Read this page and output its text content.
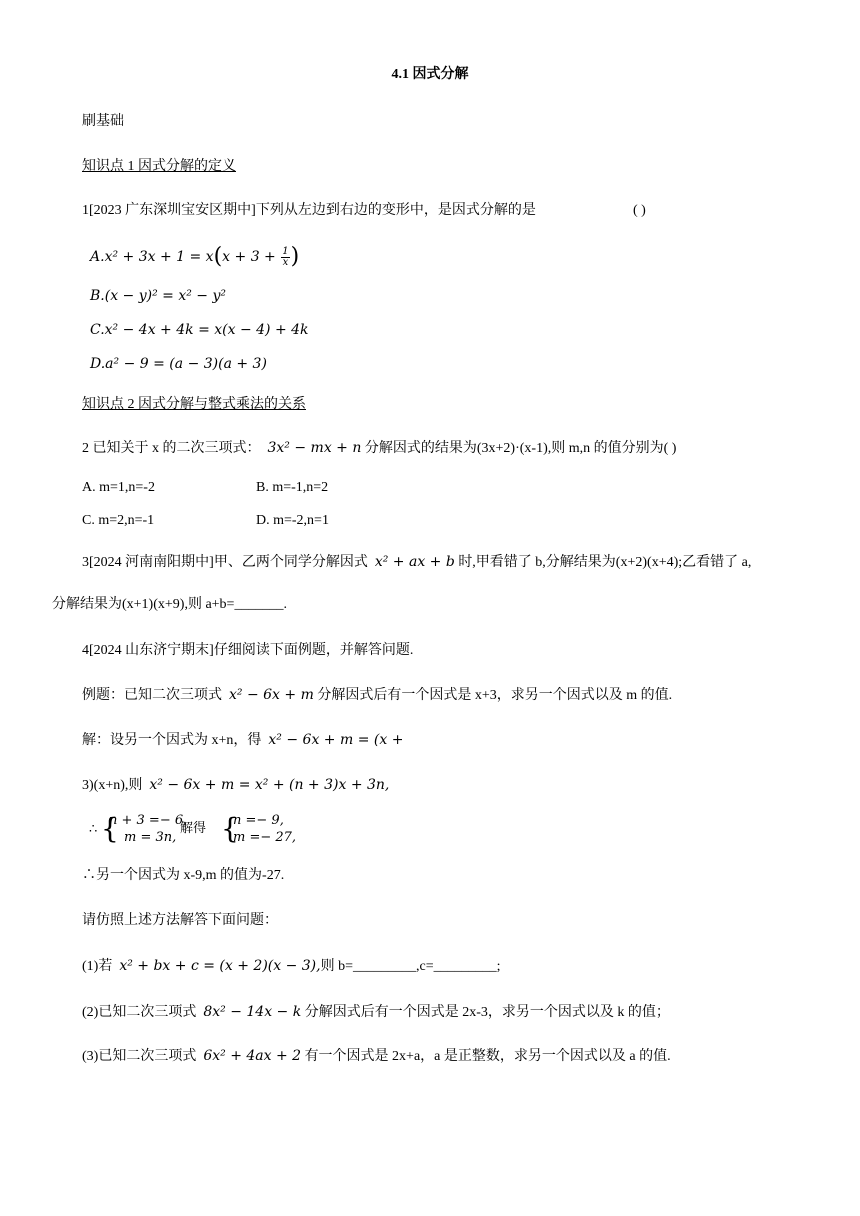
4.1 因式分解
刷基础
知识点 1 因式分解的定义
1[2023 广东深圳宝安区期中]下列从左边到右边的变形中，是因式分解的是	( )
$A.x^2 + 3x + 1 = x(x + 3 + \frac{1}{x}$ )
B.(x − y)² = x² − y²
C.x² − 4x + 4k = x(x − 4) + 4k
D.a² − 9 = (a − 3)(a + 3)
知识点 2 因式分解与整式乘法的关系
2 已知关于 x 的二次三项式： 3x² − mx + n 分解因式的结果为(3x+2)·(x-1),则 m,n 的值分别为( )
A. m=1,n=-2	B. m=-1,n=2
C. m=2,n=-1	D. m=-2,n=1
3[2024 河南南阳期中]甲、乙两个同学分解因式 x² + ax + b 时,甲看错了 b,分解结果为(x+2)(x+4);乙看错了 a,
分解结果为(x+1)(x+9),则 a+b=_______.
4[2024 山东济宁期末]仔细阅读下面例题，并解答问题.
例题：已知二次三项式 x² − 6x + m 分解因式后有一个因式是 x+3，求另一个因式以及 m 的值.
解：设另一个因式为 x+n，得 x² − 6x + m = (x +
3)(x+n),则 x² − 6x + m = x² + (n + 3)x + 3n,
∴ {
n + 3 =− 6,
m = 3n,
解得 {
n =− 9,
m =− 27,
∴另一个因式为 x-9,m 的值为-27.
请仿照上述方法解答下面问题：
(1)若 x² + bx + c = (x + 2)(x − 3),则 b=_________,c=_________;
(2)已知二次三项式 8x² − 14x − k 分解因式后有一个因式是 2x-3，求另一个因式以及 k 的值；
(3)已知二次三项式 6x² + 4ax + 2 有一个因式是 2x+a，a 是正整数，求另一个因式以及 a 的值.
